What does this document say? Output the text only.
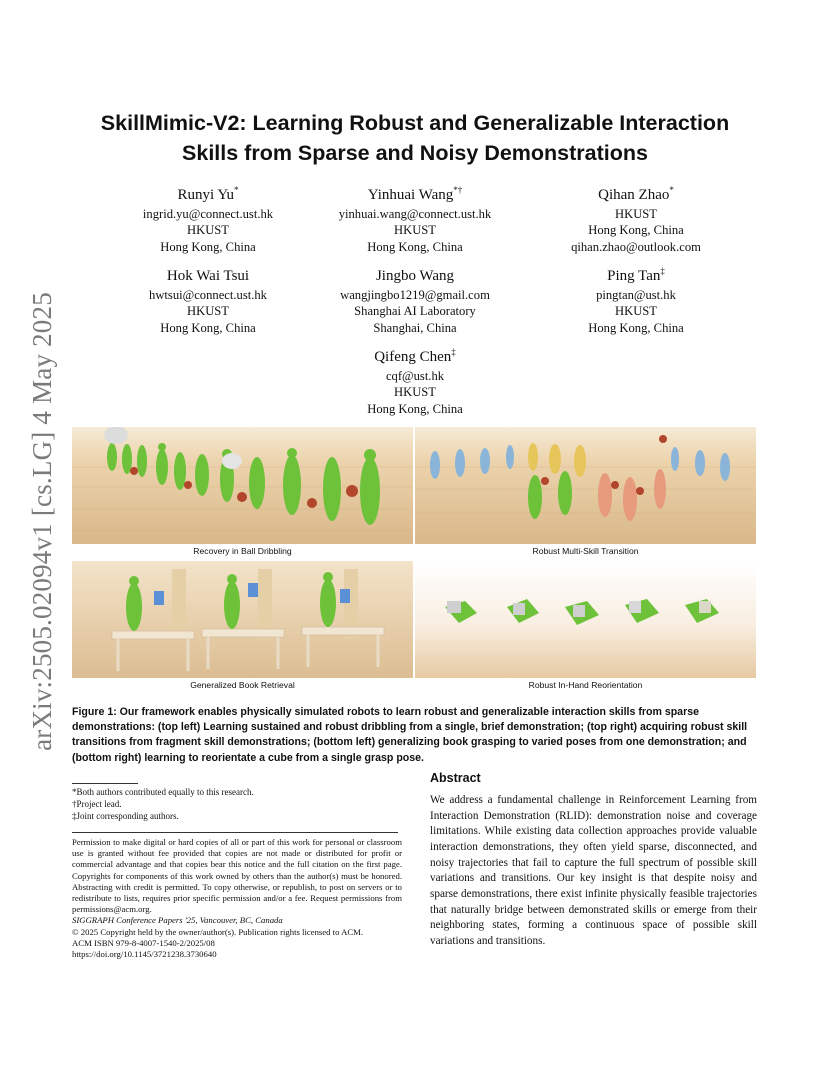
arXiv:2505.02094v1 [cs.LG] 4 May 2025
SkillMimic-V2: Learning Robust and Generalizable Interaction
Skills from Sparse and Noisy Demonstrations
Runyi Yu*
ingrid.yu@connect.ust.hk
HKUST
Hong Kong, China
Yinhuai Wang*†
yinhuai.wang@connect.ust.hk
HKUST
Hong Kong, China
Qihan Zhao*
HKUST
Hong Kong, China
qihan.zhao@outlook.com
Hok Wai Tsui
hwtsui@connect.ust.hk
HKUST
Hong Kong, China
Jingbo Wang
wangjingbo1219@gmail.com
Shanghai AI Laboratory
Shanghai, China
Ping Tan‡
pingtan@ust.hk
HKUST
Hong Kong, China
Qifeng Chen‡
cqf@ust.hk
HKUST
Hong Kong, China
Recovery in Ball Dribbling	Robust Multi-Skill Transition
Generalized Book Retrieval	Robust In-Hand Reorientation
Figure 1: Our framework enables physically simulated robots to learn robust and generalizable interaction skills from sparse demonstrations: (top left) Learning sustained and robust dribbling from a single, brief demonstration; (top right) acquiring robust skill transitions from fragment skill demonstrations; (bottom left) generalizing book grasping to varied poses from one demonstration; and (bottom right) learning to reorientate a cube from a single grasp pose.
*Both authors contributed equally to this research.
†Project lead.
‡Joint corresponding authors.

Permission to make digital or hard copies of all or part of this work for personal or classroom use is granted without fee provided that copies are not made or distributed for profit or commercial advantage and that copies bear this notice and the full citation on the first page. Copyrights for components of this work owned by others than the author(s) must be honored. Abstracting with credit is permitted. To copy otherwise, or republish, to post on servers or to redistribute to lists, requires prior specific permission and/or a fee. Request permissions from permissions@acm.org.

SIGGRAPH Conference Papers '25, Vancouver, BC, Canada

© 2025 Copyright held by the owner/author(s). Publication rights licensed to ACM.

ACM ISBN 979-8-4007-1540-2/2025/08

https://doi.org/10.1145/3721238.3730640

Abstract
We address a fundamental challenge in Reinforcement Learning from Interaction Demonstration (RLID): demonstration noise and coverage limitations. While existing data collection approaches provide valuable interaction demonstrations, they often yield sparse, disconnected, and noisy trajectories that fail to capture the full spectrum of possible skill variations and transitions. Our key insight is that despite noisy and sparse demonstrations, there exist infinite physically feasible trajectories that naturally bridge between demonstrated skills or emerge from their neighboring states, forming a continuous space of possible skill variations and transitions.
